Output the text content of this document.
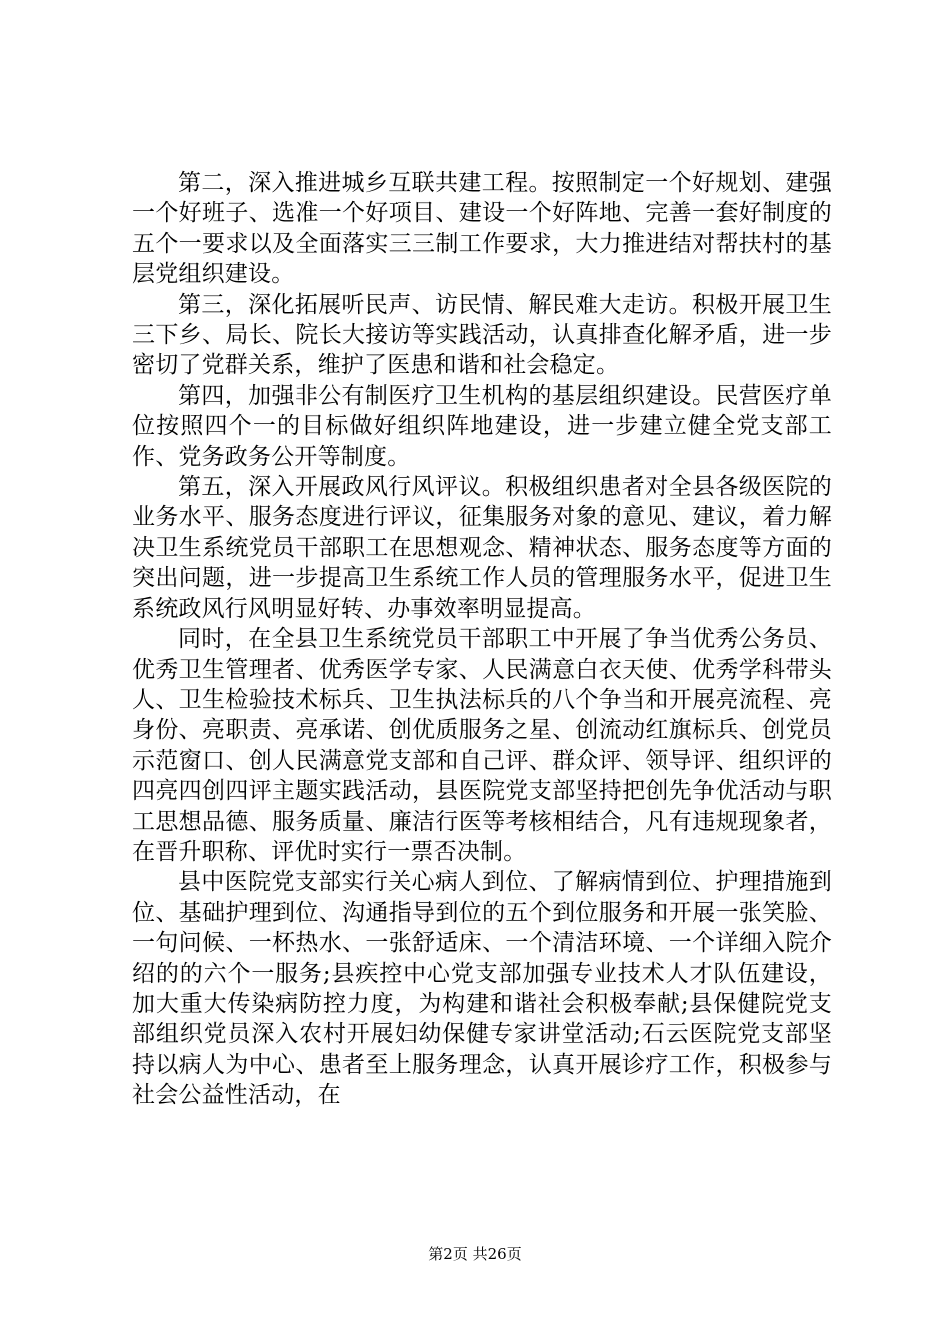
第二，深入推进城乡互联共建工程。按照制定一个好规划、建强一个好班子、选准一个好项目、建设一个好阵地、完善一套好制度的五个一要求以及全面落实三三制工作要求，大力推进结对帮扶村的基层党组织建设。

第三，深化拓展听民声、访民情、解民难大走访。积极开展卫生三下乡、局长、院长大接访等实践活动，认真排查化解矛盾，进一步密切了党群关系，维护了医患和谐和社会稳定。

第四，加强非公有制医疗卫生机构的基层组织建设。民营医疗单位按照四个一的目标做好组织阵地建设，进一步建立健全党支部工作、党务政务公开等制度。

第五，深入开展政风行风评议。积极组织患者对全县各级医院的业务水平、服务态度进行评议，征集服务对象的意见、建议，着力解决卫生系统党员干部职工在思想观念、精神状态、服务态度等方面的突出问题，进一步提高卫生系统工作人员的管理服务水平，促进卫生系统政风行风明显好转、办事效率明显提高。

同时，在全县卫生系统党员干部职工中开展了争当优秀公务员、优秀卫生管理者、优秀医学专家、人民满意白衣天使、优秀学科带头人、卫生检验技术标兵、卫生执法标兵的八个争当和开展亮流程、亮身份、亮职责、亮承诺、创优质服务之星、创流动红旗标兵、创党员示范窗口、创人民满意党支部和自己评、群众评、领导评、组织评的四亮四创四评主题实践活动，县医院党支部坚持把创先争优活动与职工思想品德、服务质量、廉洁行医等考核相结合，凡有违规现象者，在晋升职称、评优时实行一票否决制。

县中医院党支部实行关心病人到位、了解病情到位、护理措施到位、基础护理到位、沟通指导到位的五个到位服务和开展一张笑脸、一句问候、一杯热水、一张舒适床、一个清洁环境、一个详细入院介绍的的六个一服务;县疾控中心党支部加强专业技术人才队伍建设，加大重大传染病防控力度，为构建和谐社会积极奉献;县保健院党支部组织党员深入农村开展妇幼保健专家讲堂活动;石云医院党支部坚持以病人为中心、患者至上服务理念，认真开展诊疗工作，积极参与社会公益性活动，在

第2页 共26页
